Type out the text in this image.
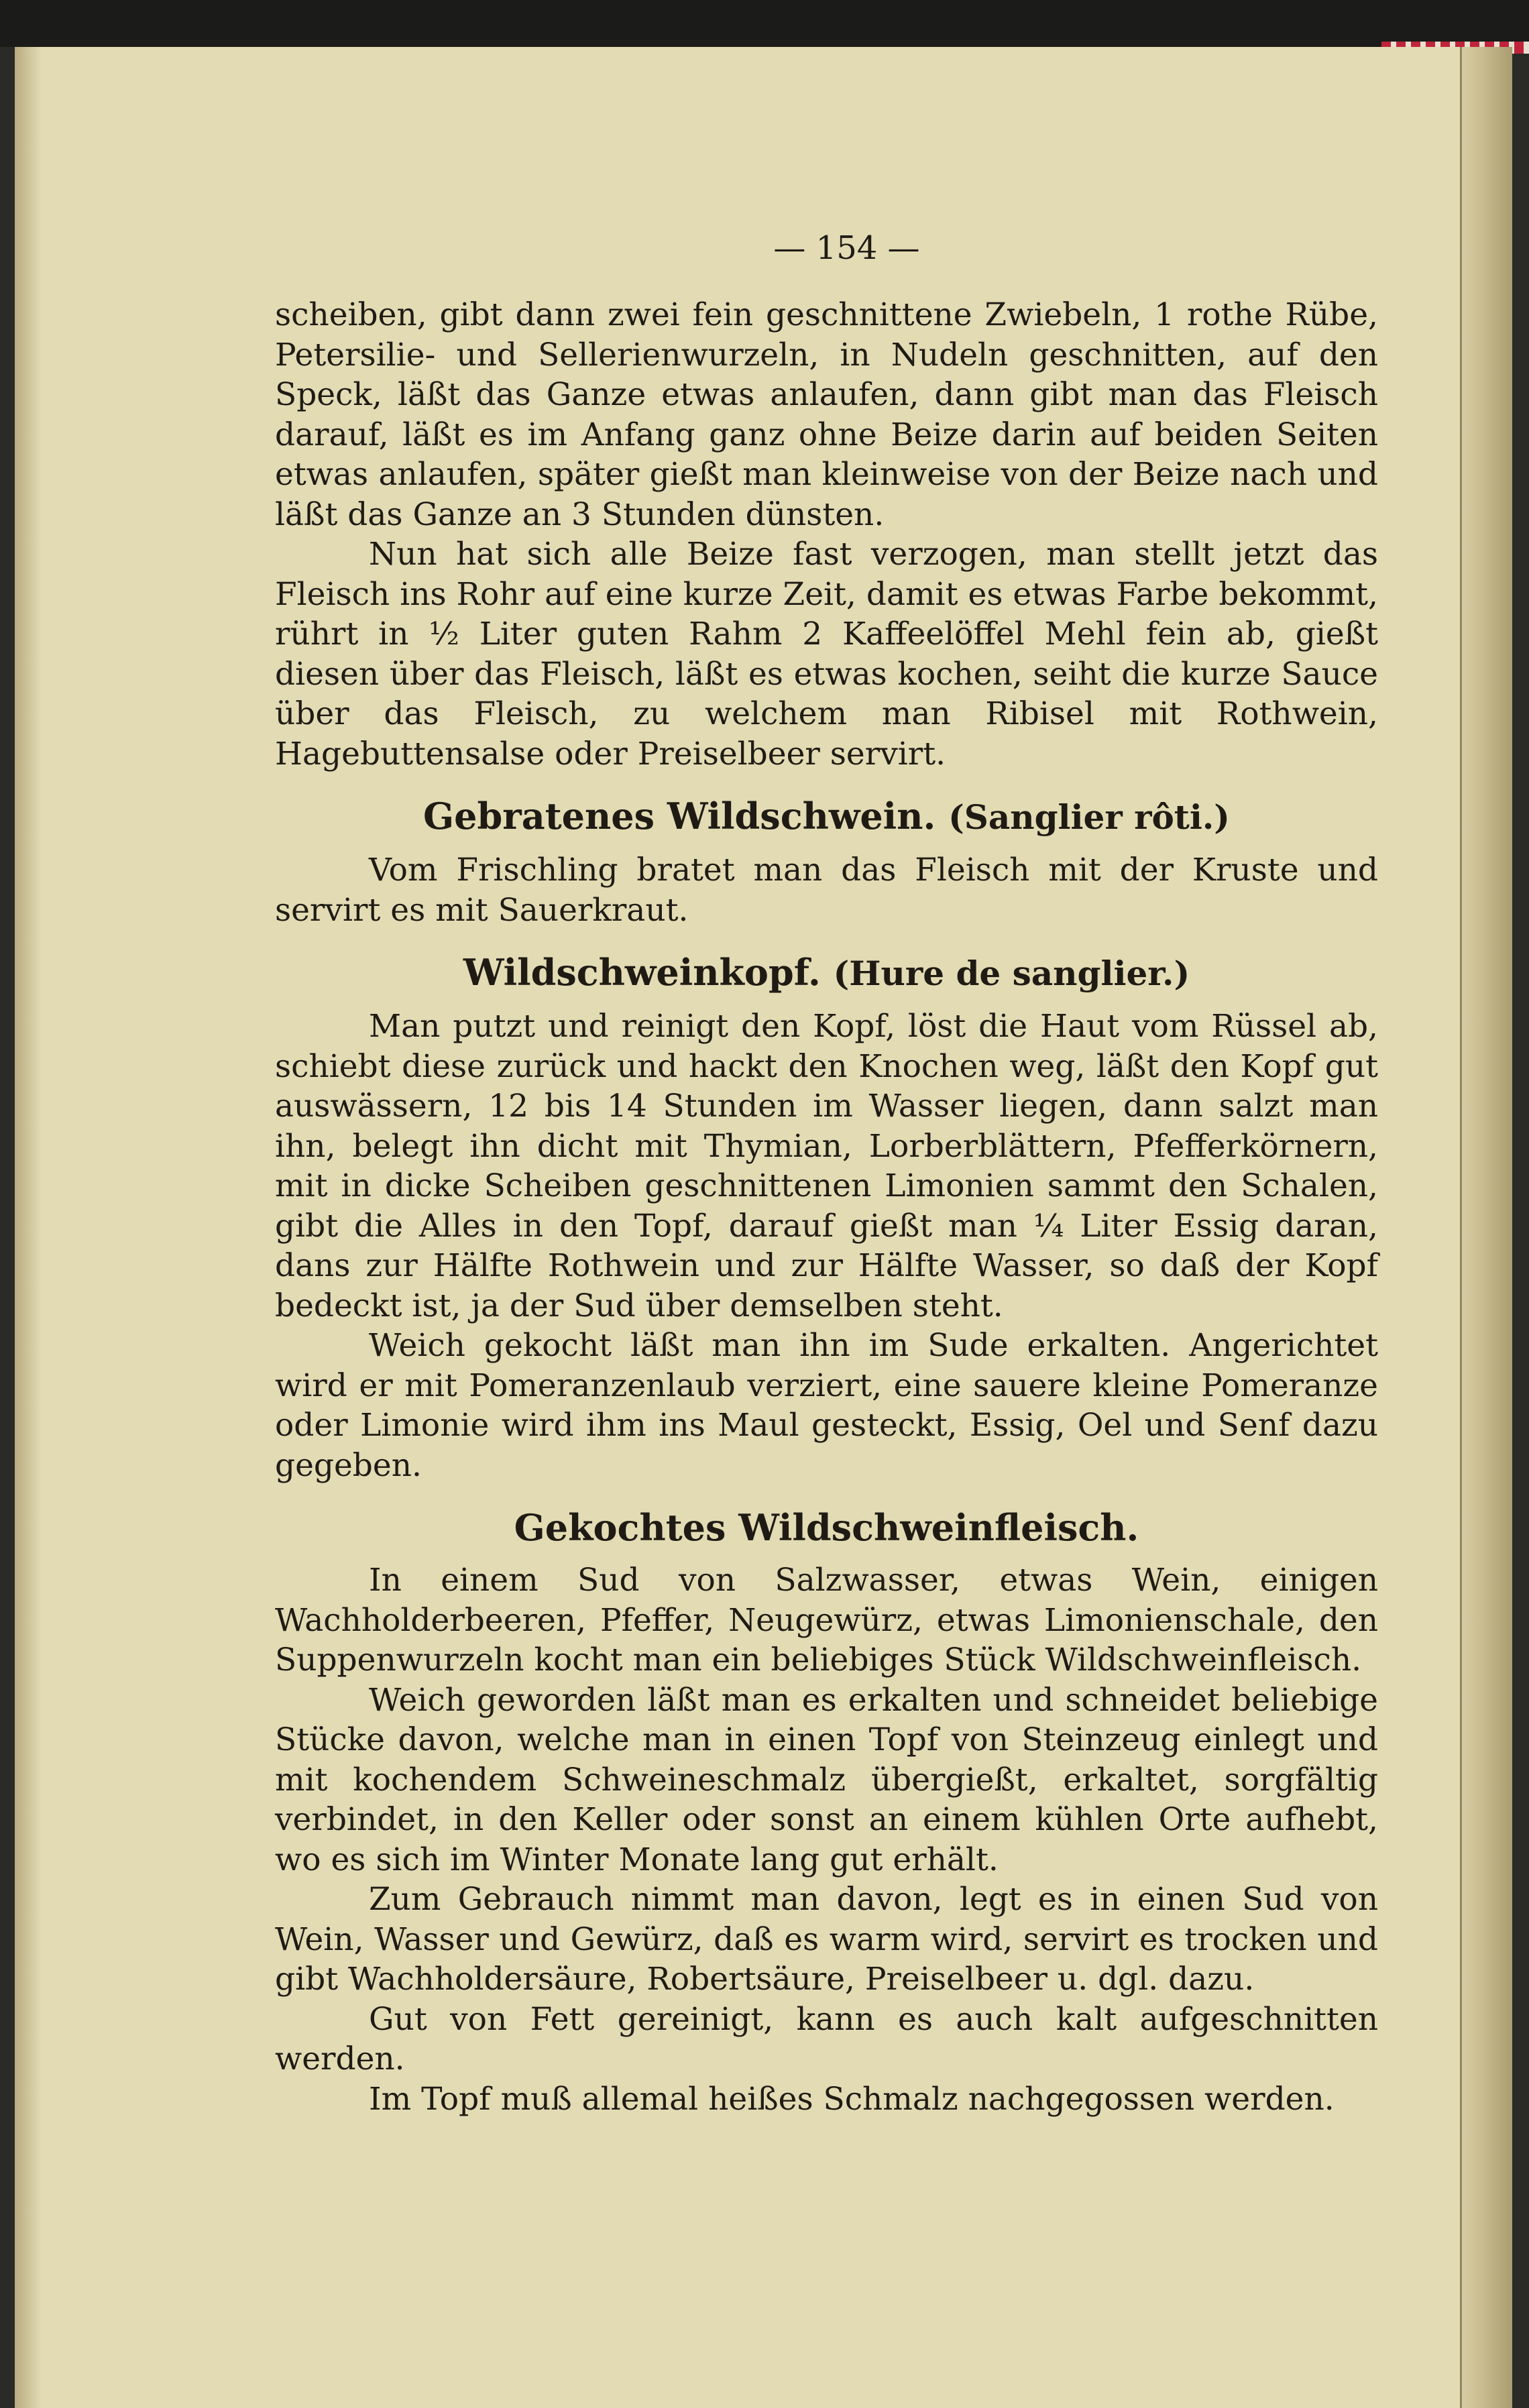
— 154 —

scheiben, gibt dann zwei fein geschnittene Zwiebeln, 1 rothe Rübe, Petersilie- und Sellerienwurzeln, in Nudeln geschnitten, auf den Speck, läßt das Ganze etwas anlaufen, dann gibt man das Fleisch darauf, läßt es im Anfang ganz ohne Beize darin auf beiden Seiten etwas anlaufen, später gießt man kleinweise von der Beize nach und läßt das Ganze an 3 Stunden dünsten.

Nun hat sich alle Beize fast verzogen, man stellt jetzt das Fleisch ins Rohr auf eine kurze Zeit, damit es etwas Farbe bekommt, rührt in ½ Liter guten Rahm 2 Kaffeelöffel Mehl fein ab, gießt diesen über das Fleisch, läßt es etwas kochen, seiht die kurze Sauce über das Fleisch, zu welchem man Ribisel mit Rothwein, Hagebuttensalse oder Preiselbeer servirt.

Gebratenes Wildschwein. (Sanglier rôti.)

Vom Frischling bratet man das Fleisch mit der Kruste und servirt es mit Sauerkraut.

Wildschweinkopf. (Hure de sanglier.)

Man putzt und reinigt den Kopf, löst die Haut vom Rüssel ab, schiebt diese zurück und hackt den Knochen weg, läßt den Kopf gut auswässern, 12 bis 14 Stunden im Wasser liegen, dann salzt man ihn, belegt ihn dicht mit Thymian, Lorberblättern, Pfefferkörnern, mit in dicke Scheiben geschnittenen Limonien sammt den Schalen, gibt die Alles in den Topf, darauf gießt man ¼ Liter Essig daran, dans zur Hälfte Rothwein und zur Hälfte Wasser, so daß der Kopf bedeckt ist, ja der Sud über demselben steht.

Weich gekocht läßt man ihn im Sude erkalten. Angerichtet wird er mit Pomeranzenlaub verziert, eine sauere kleine Pomeranze oder Limonie wird ihm ins Maul gesteckt, Essig, Oel und Senf dazu gegeben.

Gekochtes Wildschweinfleisch.

In einem Sud von Salzwasser, etwas Wein, einigen Wachholderbeeren, Pfeffer, Neugewürz, etwas Limonienschale, den Suppenwurzeln kocht man ein beliebiges Stück Wildschweinfleisch.

Weich geworden läßt man es erkalten und schneidet beliebige Stücke davon, welche man in einen Topf von Steinzeug einlegt und mit kochendem Schweineschmalz übergießt, erkaltet, sorgfältig verbindet, in den Keller oder sonst an einem kühlen Orte aufhebt, wo es sich im Winter Monate lang gut erhält.

Zum Gebrauch nimmt man davon, legt es in einen Sud von Wein, Wasser und Gewürz, daß es warm wird, servirt es trocken und gibt Wachholdersäure, Robertsäure, Preiselbeer u. dgl. dazu.

Gut von Fett gereinigt, kann es auch kalt aufgeschnitten werden.

Im Topf muß allemal heißes Schmalz nachgegossen werden.
